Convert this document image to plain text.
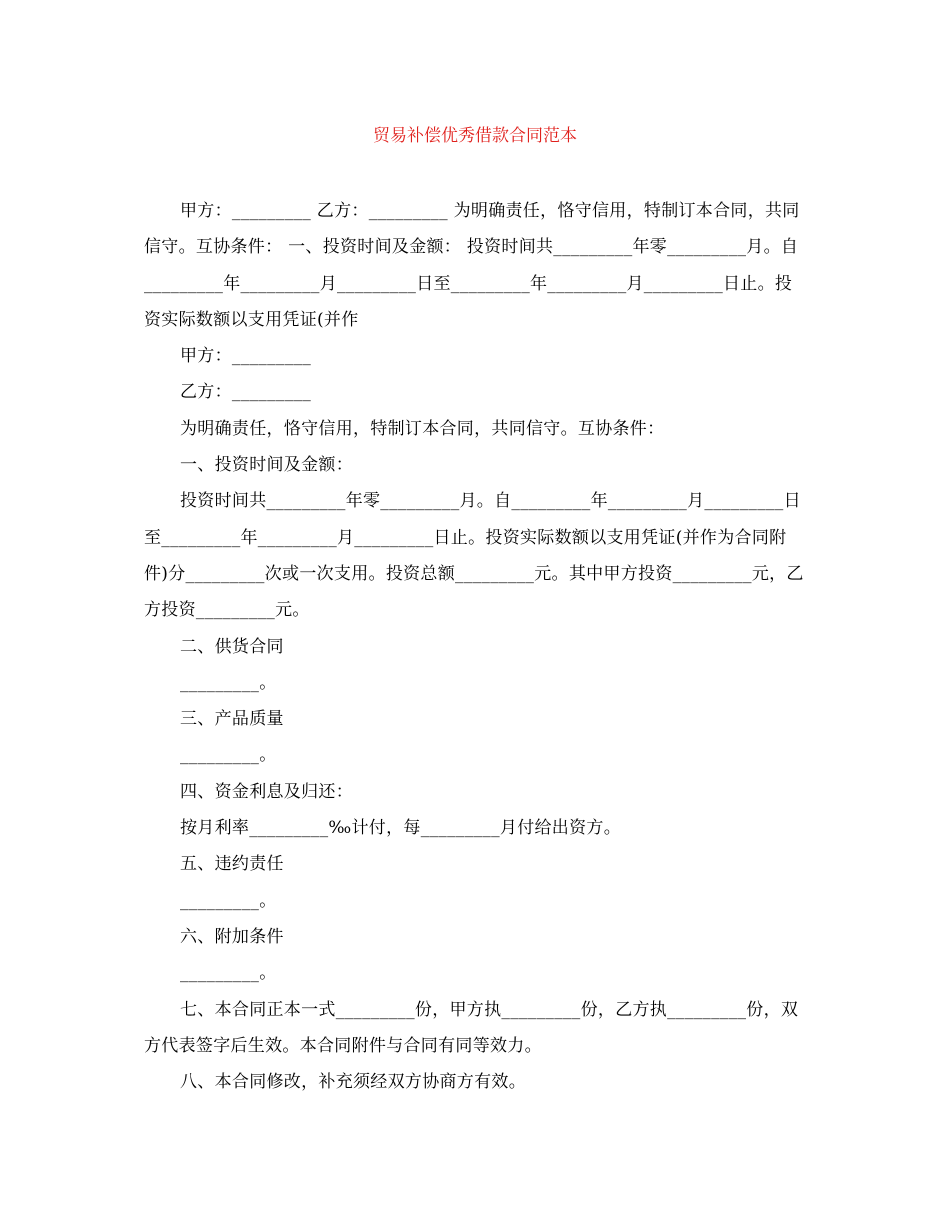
贸易补偿优秀借款合同范本

甲方：_________ 乙方：_________ 为明确责任，恪守信用，特制订本合同，共同信守。互协条件： 一、投资时间及金额： 投资时间共_________年零_________月。自_________年_________月_________日至_________年_________月_________日止。投资实际数额以支用凭证(并作

甲方：_________

乙方：_________

为明确责任，恪守信用，特制订本合同，共同信守。互协条件：

一、投资时间及金额：

投资时间共_________年零_________月。自_________年_________月_________日至_________年_________月_________日止。投资实际数额以支用凭证(并作为合同附件)分_________次或一次支用。投资总额_________元。其中甲方投资_________元，乙方投资_________元。

二、供货合同

_________。

三、产品质量

_________。

四、资金利息及归还：

按月利率_________‰计付，每_________月付给出资方。

五、违约责任

_________。

六、附加条件

_________。

七、本合同正本一式_________份，甲方执_________份，乙方执_________份，双方代表签字后生效。本合同附件与合同有同等效力。

八、本合同修改，补充须经双方协商方有效。
